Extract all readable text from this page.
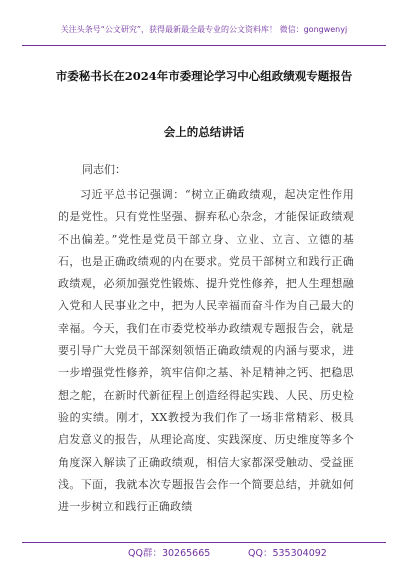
关注头条号“公文研究”，获得最新最全最专业的公文资料库！ 微信：gongwenyj
市委秘书长在2024年市委理论学习中心组政绩观专题报告
会上的总结讲话
同志们：

习近平总书记强调：“树立正确政绩观，起决定性作用的是党性。只有党性坚强、摒弃私心杂念，才能保证政绩观不出偏差。”党性是党员干部立身、立业、立言、立德的基石，也是正确政绩观的内在要求。党员干部树立和践行正确政绩观，必须加强党性锻炼、提升党性修养，把人生理想融入党和人民事业之中，把为人民幸福而奋斗作为自己最大的幸福。今天，我们在市委党校举办政绩观专题报告会，就是要引导广大党员干部深刻领悟正确政绩观的内涵与要求，进一步增强党性修养，筑牢信仰之基、补足精神之钙、把稳思想之舵，在新时代新征程上创造经得起实践、人民、历史检验的实绩。刚才，XX教授为我们作了一场非常精彩、极具启发意义的报告，从理论高度、实践深度、历史维度等多个角度深入解读了正确政绩观，相信大家都深受触动、受益匪浅。下面，我就本次专题报告会作一个简要总结，并就如何进一步树立和践行正确政绩

QQ群：30265665	QQ：535304092
